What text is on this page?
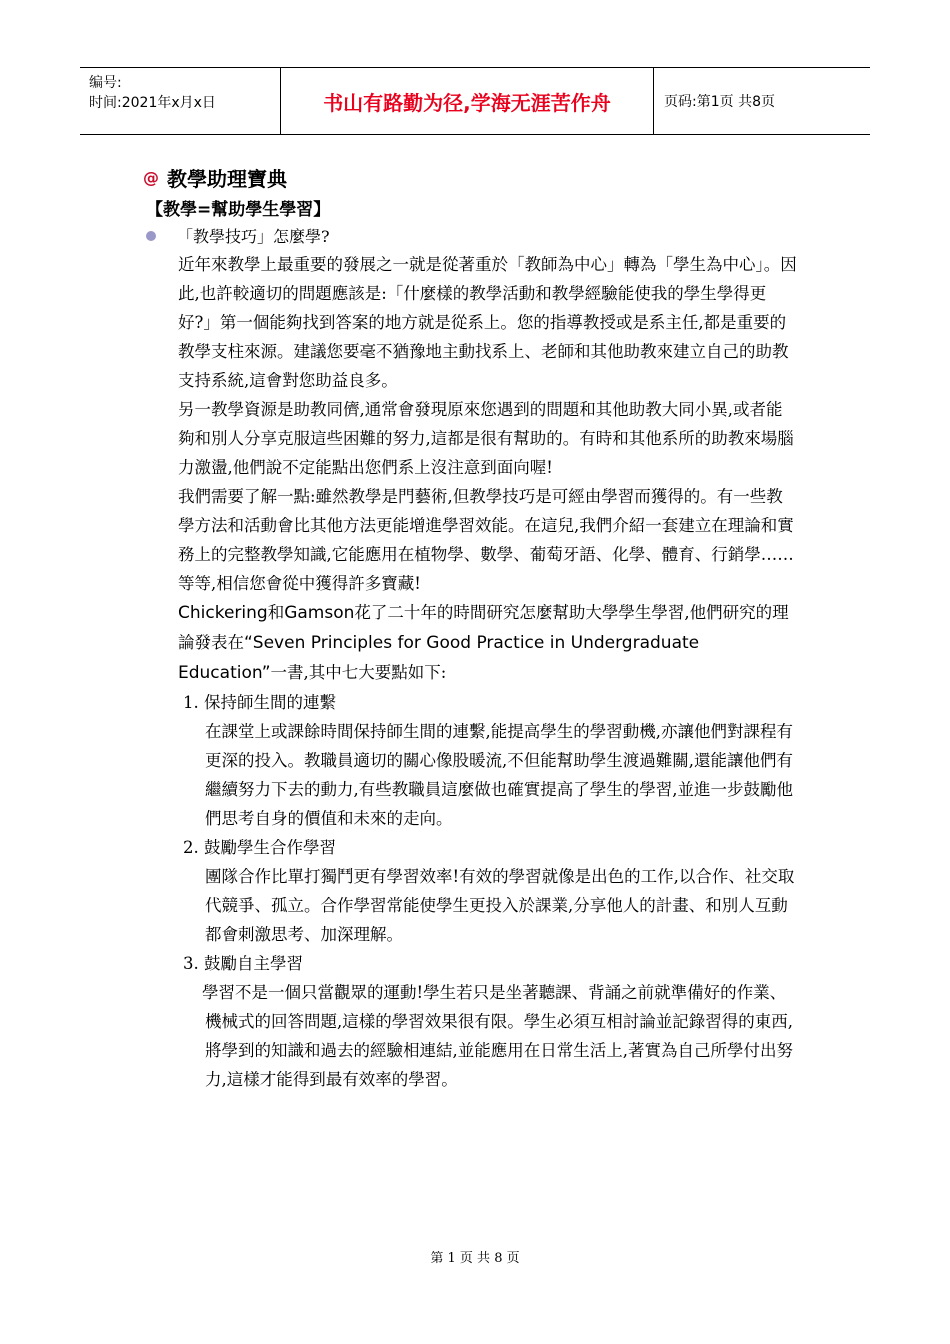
编号:
时间:2021年x月x日	书山有路勤为径,学海无涯苦作舟	页码:第1页 共8页
@ 教學助理寶典
【教學=幫助學生學習】
「教學技巧」怎麼學?

近年來教學上最重要的發展之一就是從著重於「教師為中心」轉為「學生為中心」。因此,也許較適切的問題應該是:「什麼樣的教學活動和教學經驗能使我的學生學得更好?」第一個能夠找到答案的地方就是從系上。您的指導教授或是系主任,都是重要的教學支柱來源。建議您要毫不猶豫地主動找系上、老師和其他助教來建立自己的助教支持系統,這會對您助益良多。

另一教學資源是助教同儕,通常會發現原來您遇到的問題和其他助教大同小異,或者能夠和別人分享克服這些困難的努力,這都是很有幫助的。有時和其他系所的助教來場腦力激盪,他們說不定能點出您們系上沒注意到面向喔!

我們需要了解一點:雖然教學是門藝術,但教學技巧是可經由學習而獲得的。有一些教學方法和活動會比其他方法更能增進學習效能。在這兒,我們介紹一套建立在理論和實務上的完整教學知識,它能應用在植物學、數學、葡萄牙語、化學、體育、行銷學……等等,相信您會從中獲得許多寶藏!

Chickering和Gamson花了二十年的時間研究怎麼幫助大學學生學習,他們研究的理論發表在“Seven Principles for Good Practice in Undergraduate Education”一書,其中七大要點如下:

1. 保持師生間的連繫

在課堂上或課餘時間保持師生間的連繫,能提高學生的學習動機,亦讓他們對課程有更深的投入。教職員適切的關心像股暖流,不但能幫助學生渡過難關,還能讓他們有繼續努力下去的動力,有些教職員這麼做也確實提高了學生的學習,並進一步鼓勵他們思考自身的價值和未來的走向。

2. 鼓勵學生合作學習

團隊合作比單打獨鬥更有學習效率!有效的學習就像是出色的工作,以合作、社交取代競爭、孤立。合作學習常能使學生更投入於課業,分享他人的計畫、和別人互動都會刺激思考、加深理解。

3. 鼓勵自主學習

學習不是一個只當觀眾的運動!學生若只是坐著聽課、背誦之前就準備好的作業、機械式的回答問題,這樣的學習效果很有限。學生必須互相討論並記錄習得的東西,將學到的知識和過去的經驗相連結,並能應用在日常生活上,著實為自己所學付出努力,這樣才能得到最有效率的學習。

第 1 页 共 8 页
